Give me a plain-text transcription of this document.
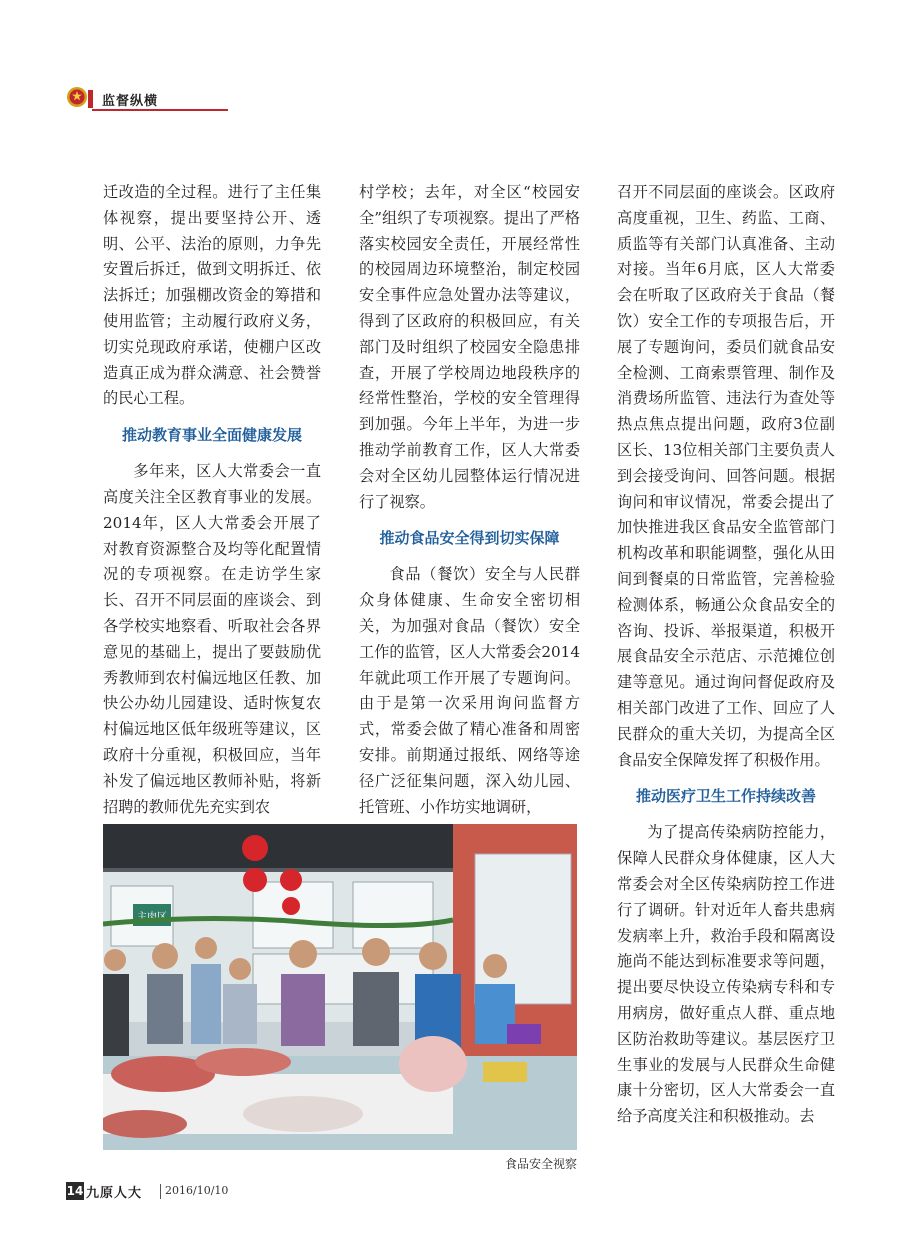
监督纵横

迁改造的全过程。进行了主任集体视察，提出要坚持公开、透明、公平、法治的原则，力争先安置后拆迁，做到文明拆迁、依法拆迁；加强棚改资金的筹措和使用监管；主动履行政府义务，切实兑现政府承诺，使棚户区改造真正成为群众满意、社会赞誉的民心工程。

推动教育事业全面健康发展

多年来，区人大常委会一直高度关注全区教育事业的发展。2014年，区人大常委会开展了对教育资源整合及均等化配置情况的专项视察。在走访学生家长、召开不同层面的座谈会、到各学校实地察看、听取社会各界意见的基础上，提出了要鼓励优秀教师到农村偏远地区任教、加快公办幼儿园建设、适时恢复农村偏远地区低年级班等建议，区政府十分重视，积极回应，当年补发了偏远地区教师补贴，将新招聘的教师优先充实到农

村学校；去年，对全区“校园安全”组织了专项视察。提出了严格落实校园安全责任，开展经常性的校园周边环境整治，制定校园安全事件应急处置办法等建议，得到了区政府的积极回应，有关部门及时组织了校园安全隐患排查，开展了学校周边地段秩序的经常性整治，学校的安全管理得到加强。今年上半年，为进一步推动学前教育工作，区人大常委会对全区幼儿园整体运行情况进行了视察。

推动食品安全得到切实保障

食品（餐饮）安全与人民群众身体健康、生命安全密切相关，为加强对食品（餐饮）安全工作的监管，区人大常委会2014年就此项工作开展了专题询问。由于是第一次采用询问监督方式，常委会做了精心准备和周密安排。前期通过报纸、网络等途径广泛征集问题，深入幼儿园、托管班、小作坊实地调研，

召开不同层面的座谈会。区政府高度重视，卫生、药监、工商、质监等有关部门认真准备、主动对接。当年6月底，区人大常委会在听取了区政府关于食品（餐饮）安全工作的专项报告后，开展了专题询问，委员们就食品安全检测、工商索票管理、制作及消费场所监管、违法行为查处等热点焦点提出问题，政府3位副区长、13位相关部门主要负责人到会接受询问、回答问题。根据询问和审议情况，常委会提出了加快推进我区食品安全监管部门机构改革和职能调整，强化从田间到餐桌的日常监管，完善检验检测体系，畅通公众食品安全的咨询、投诉、举报渠道，积极开展食品安全示范店、示范摊位创建等意见。通过询问督促政府及相关部门改进了工作、回应了人民群众的重大关切，为提高全区食品安全保障发挥了积极作用。

推动医疗卫生工作持续改善

为了提高传染病防控能力，保障人民群众身体健康，区人大常委会对全区传染病防控工作进行了调研。针对近年人畜共患病发病率上升，救治手段和隔离设施尚不能达到标准要求等问题，提出要尽快设立传染病专科和专用病房，做好重点人群、重点地区防治救助等建议。基层医疗卫生事业的发展与人民群众生命健康十分密切，区人大常委会一直给予高度关注和积极推动。去

主肉区
食品安全视察
14 九原人大 2016/10/10
